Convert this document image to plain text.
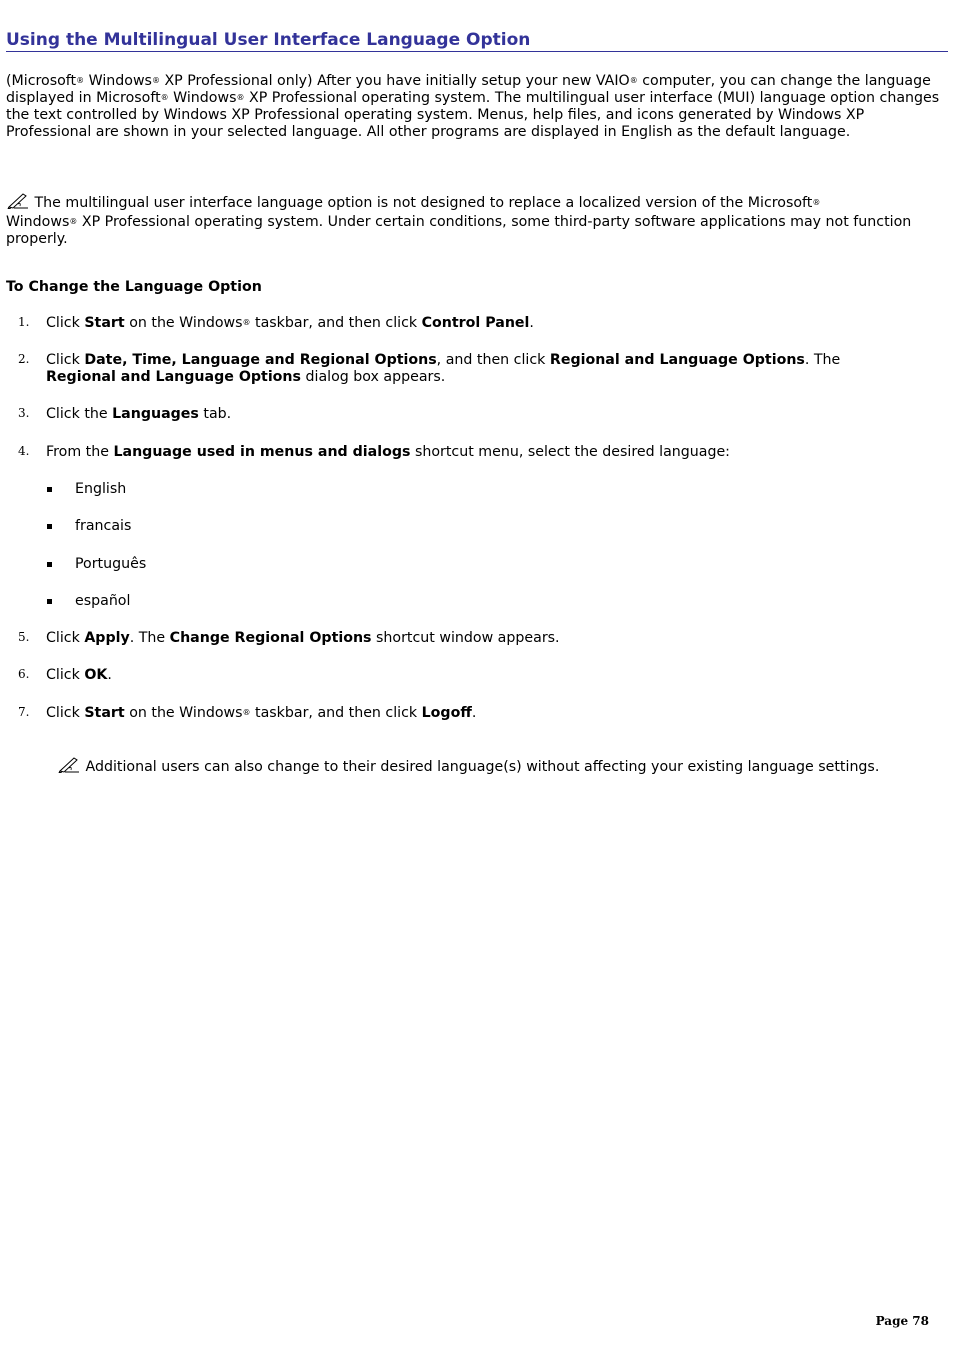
Using the Multilingual User Interface Language Option
(Microsoft® Windows® XP Professional only) After you have initially setup your new VAIO® computer, you can change the language displayed in Microsoft® Windows® XP Professional operating system. The multilingual user interface (MUI) language option changes the text controlled by Windows XP Professional operating system. Menus, help files, and icons generated by Windows XP Professional are shown in your selected language. All other programs are displayed in English as the default language.
The multilingual user interface language option is not designed to replace a localized version of the Microsoft®
Windows® XP Professional operating system. Under certain conditions, some third-party software applications may not function properly.
To Change the Language Option
1. Click Start on the Windows® taskbar, and then click Control Panel.
2. Click Date, Time, Language and Regional Options, and then click Regional and Language Options. The
Regional and Language Options dialog box appears.
3. Click the Languages tab.
4. From the Language used in menus and dialogs shortcut menu, select the desired language:
English
francais
Português
español
5. Click Apply. The Change Regional Options shortcut window appears.
6. Click OK.
7. Click Start on the Windows® taskbar, and then click Logoff.
Additional users can also change to their desired language(s) without affecting your existing language settings.
Page 78
